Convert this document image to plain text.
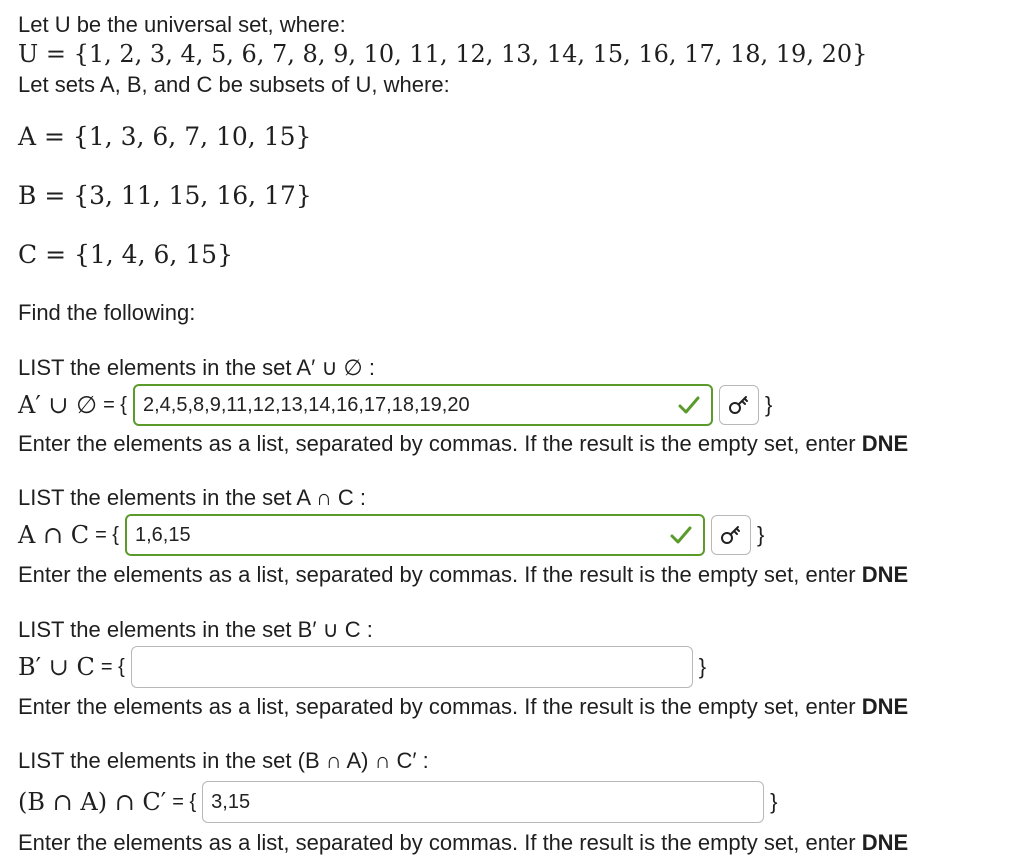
Let U be the universal set, where:
U = {1, 2, 3, 4, 5, 6, 7, 8, 9, 10, 11, 12, 13, 14, 15, 16, 17, 18, 19, 20}
Let sets A, B, and C be subsets of U, where:
A = {1, 3, 6, 7, 10, 15}
B = {3, 11, 15, 16, 17}
C = {1, 4, 6, 15}
Find the following:
LIST the elements in the set A′ ∪ ∅ :
A′ ∪ ∅ = { 2,4,5,8,9,11,12,13,14,16,17,18,19,20	}
Enter the elements as a list, separated by commas. If the result is the empty set, enter DNE
LIST the elements in the set A ∩ C :
A ∩ C = { 1,6,15	}
Enter the elements as a list, separated by commas. If the result is the empty set, enter DNE
LIST the elements in the set B′ ∪ C :
B′ ∪ C = {	}
Enter the elements as a list, separated by commas. If the result is the empty set, enter DNE
LIST the elements in the set (B ∩ A) ∩ C′ :
(B ∩ A) ∩ C′ = { 3,15	}
Enter the elements as a list, separated by commas. If the result is the empty set, enter DNE
